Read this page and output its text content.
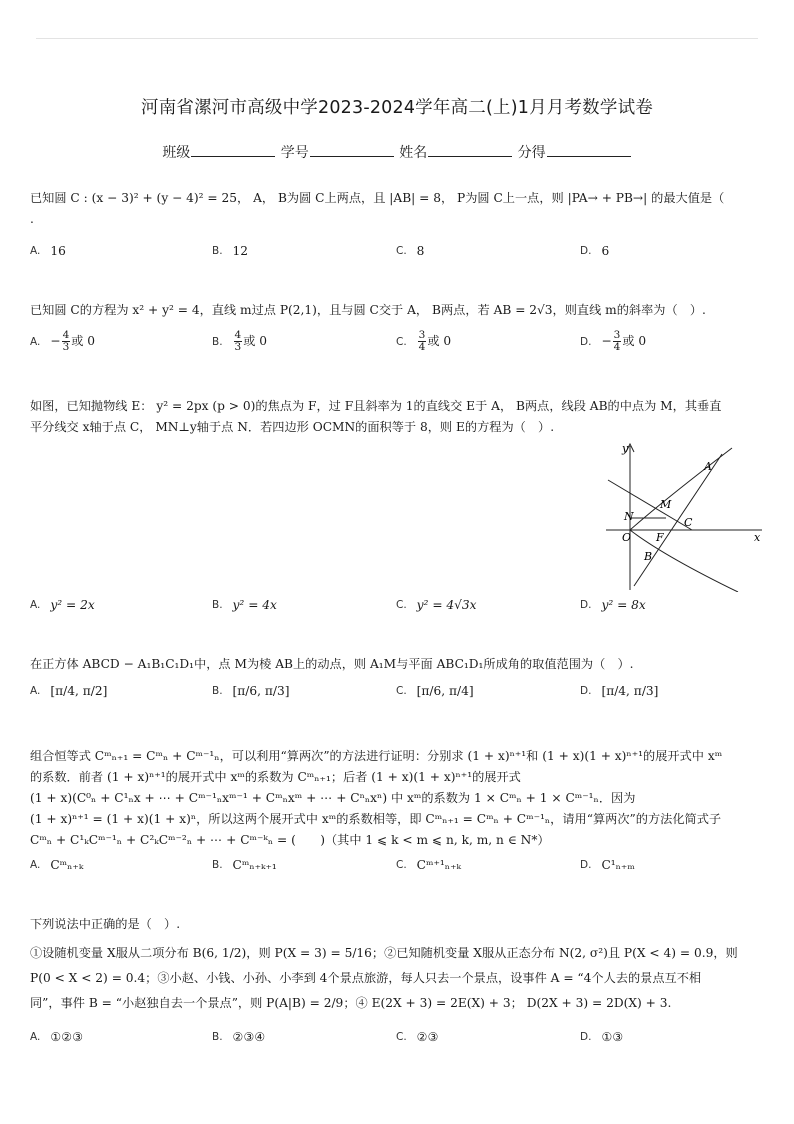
河南省漯河市高级中学2023-2024学年高二(上)1月月考数学试卷
班级	学号	姓名	分得
已知圆 C : (x − 3)² + (y − 4)² = 25， A， B为圆 C上两点，且 |AB| = 8， P为圆 C上一点，则 |PA→ + PB→| 的最大值是（
.
A. 16	B. 12	C. 8	D. 6
已知圆 C的方程为 x² + y² = 4，直线 m过点 P(2,1)，且与圆 C交于 A， B两点，若 AB = 2√3，则直线 m的斜率为（　）.
A. − $\frac{4}{3}$ 或 0	B. $\frac{4}{3}$ 或 0	C. $\frac{3}{4}$ 或 0	D. − $\frac{3}{4}$ 或 0
如图，已知抛物线 E： y² = 2px (p > 0)的焦点为 F，过 F且斜率为 1的直线交 E于 A， B两点，线段 AB的中点为 M，其垂直
平分线交 x轴于点 C， MN⊥y轴于点 N．若四边形 OCMN的面积等于 8，则 E的方程为（　）.
y
A
M
N	C
O F
B
x
A. y² = 2x	B. y² = 4x	C. y² = 4√3x	D. y² = 8x
在正方体 ABCD − A₁B₁C₁D₁中，点 M为棱 AB上的动点，则 A₁M与平面 ABC₁D₁所成角的取值范围为（　）.
A. [π/4, π/2]	B. [π/6, π/3]	C. [π/6, π/4]	D. [π/4, π/3]
组合恒等式 Cᵐₙ₊₁ = Cᵐₙ + Cᵐ⁻¹ₙ，可以利用“算两次”的方法进行证明：分别求 (1 + x)ⁿ⁺¹和 (1 + x)(1 + x)ⁿ⁺¹的展开式中 xᵐ
的系数．前者 (1 + x)ⁿ⁺¹的展开式中 xᵐ的系数为 Cᵐₙ₊₁；后者 (1 + x)(1 + x)ⁿ⁺¹的展开式
(1 + x)(C⁰ₙ + C¹ₙx + ⋯ + Cᵐ⁻¹ₙxᵐ⁻¹ + Cᵐₙxᵐ + ⋯ + Cⁿₙxⁿ) 中 xᵐ的系数为 1 × Cᵐₙ + 1 × Cᵐ⁻¹ₙ．因为
(1 + x)ⁿ⁺¹ = (1 + x)(1 + x)ⁿ，所以这两个展开式中 xᵐ的系数相等，即 Cᵐₙ₊₁ = Cᵐₙ + Cᵐ⁻¹ₙ，请用“算两次”的方法化简式子
Cᵐₙ + C¹ₖCᵐ⁻¹ₙ + C²ₖCᵐ⁻²ₙ + ⋯ + Cᵐ⁻ᵏₙ = (　　)（其中 1 ⩽ k < m ⩽ n, k, m, n ∈ N*）
A. Cᵐₙ₊ₖ	B. Cᵐₙ₊ₖ₊₁	C. Cᵐ⁺¹ₙ₊ₖ	D. C¹ₙ₊ₘ
下列说法中正确的是（　）.
①设随机变量 X服从二项分布 B(6, 1/2)，则 P(X = 3) = 5/16；②已知随机变量 X服从正态分布 N(2, σ²)且 P(X < 4) = 0.9，则
P(0 < X < 2) = 0.4；③小赵、小钱、小孙、小李到 4个景点旅游，每人只去一个景点，设事件 A = “4个人去的景点互不相
同”，事件 B = “小赵独自去一个景点”，则 P(A|B) = 2/9；④ E(2X + 3) = 2E(X) + 3； D(2X + 3) = 2D(X) + 3.
A. ①②③	B. ②③④	C. ②③	D. ①③
